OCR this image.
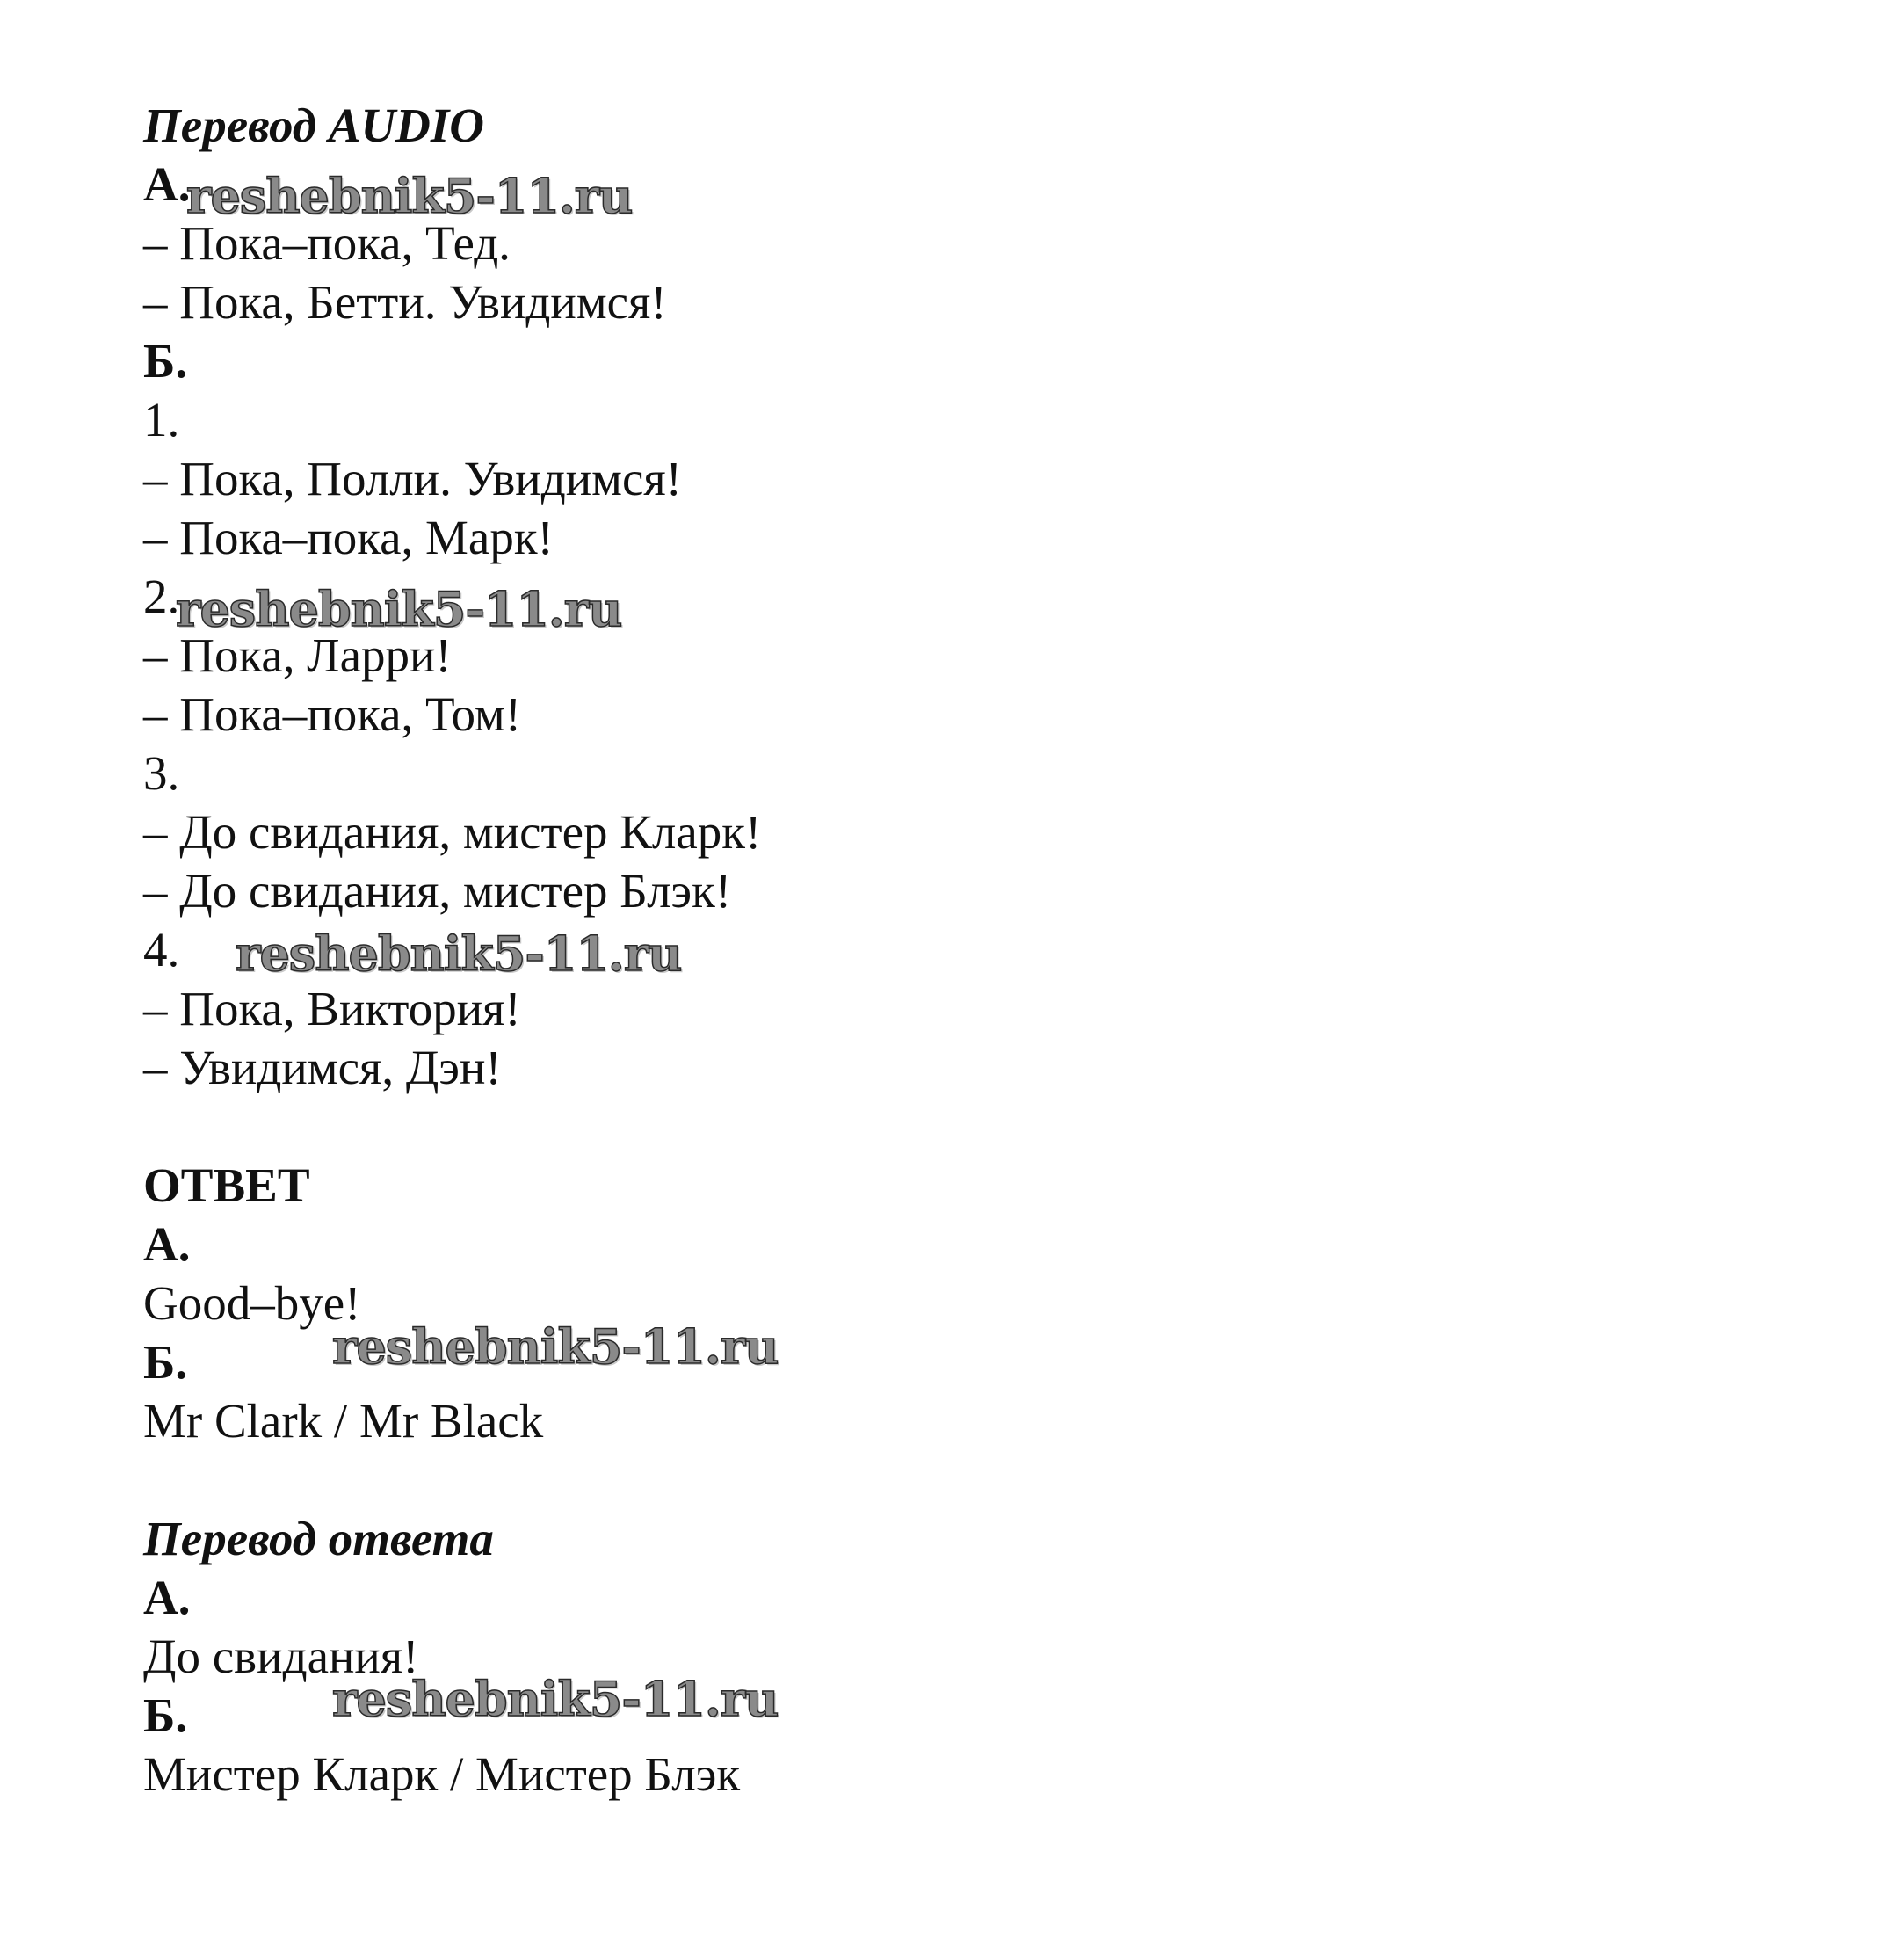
Перевод AUDIO
А.
– Пока–пока, Тед.
– Пока, Бетти. Увидимся!
Б.
1.
– Пока, Полли. Увидимся!
– Пока–пока, Марк!
2.
– Пока, Ларри!
– Пока–пока, Том!
3.
– До свидания, мистер Кларк!
– До свидания, мистер Блэк!
4.
– Пока, Виктория!
– Увидимся, Дэн!
ОТВЕТ
А.
Good–bye!
Б.
Mr Clark / Mr Black
Перевод ответа
А.
До свидания!
Б.
Мистер Кларк / Мистер Блэк
reshebnik5-11.ru
reshebnik5-11.ru
reshebnik5-11.ru
reshebnik5-11.ru
reshebnik5-11.ru
